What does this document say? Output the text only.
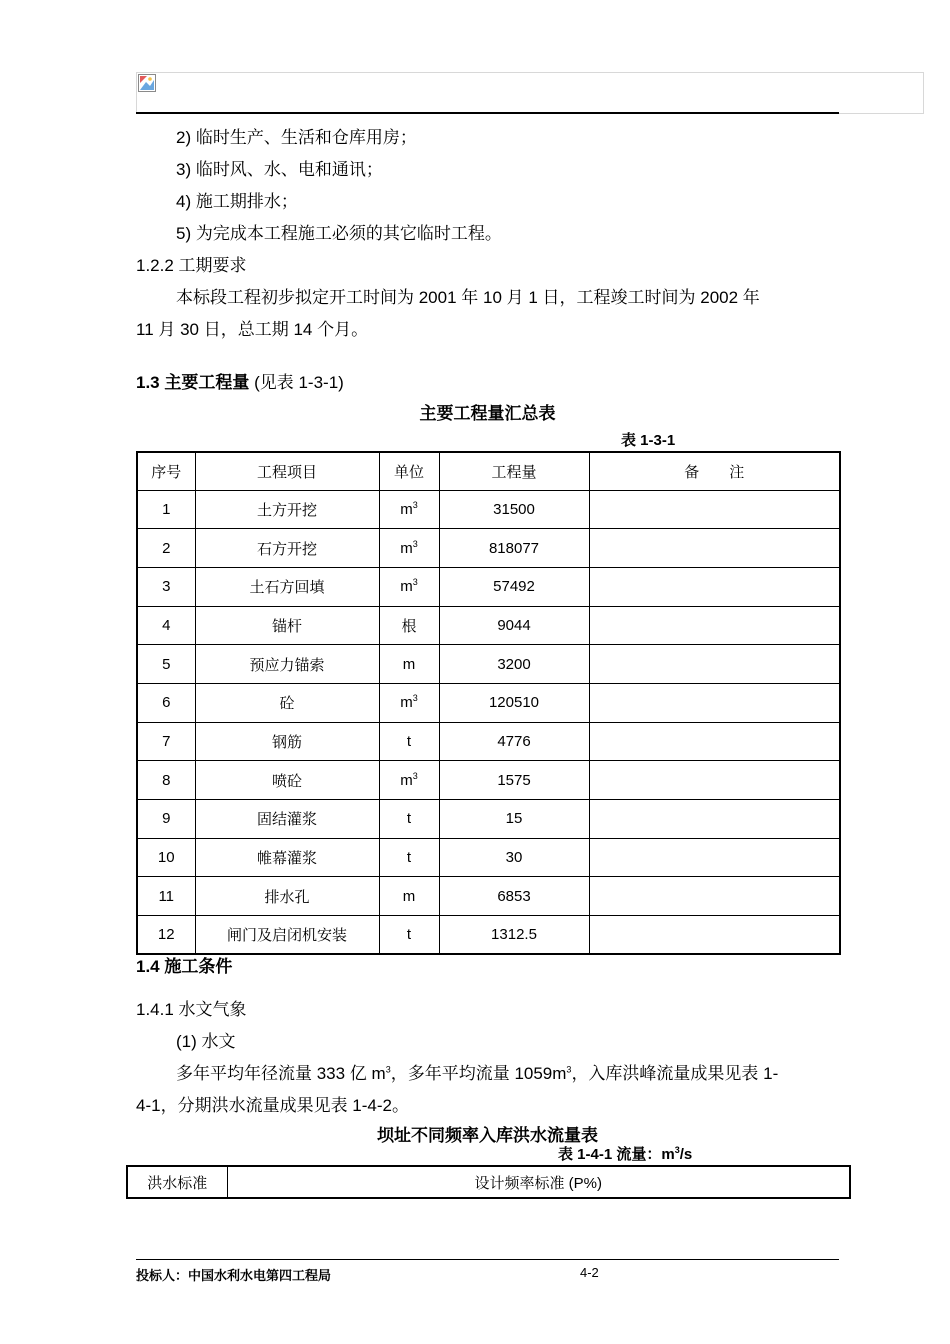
2) 临时生产、生活和仓库用房；
3) 临时风、水、电和通讯；
4) 施工期排水；
5) 为完成本工程施工必须的其它临时工程。
1.2.2 工期要求
本标段工程初步拟定开工时间为 2001 年 10 月 1 日，工程竣工时间为 2002 年
11 月 30 日，总工期 14 个月。
1.3 主要工程量 (见表 1-3-1)
主要工程量汇总表
表 1-3-1
序号	工程项目	单位	工程量	备　　注
1	土方开挖	$m^3$	31500	
2	石方开挖	$m^3$	818077	
3	土石方回填	$m^3$	57492	
4	锚杆	根	9044	
5	预应力锚索	m	3200	
6	砼	$m^3$	120510	
7	钢筋	t	4776	
8	喷砼	$m^3$	1575	
9	固结灌浆	t	15	
10	帷幕灌浆	t	30	
11	排水孔	m	6853	
12	闸门及启闭机安装	t	1312.5	
1.4 施工条件
1.4.1 水文气象
(1) 水文
多年平均年径流量 333 亿 $m^3$，多年平均流量 $1059m^3$，入库洪峰流量成果见表 1-
4-1，分期洪水流量成果见表 1-4-2。
坝址不同频率入库洪水流量表
表 1-4-1 流量：$m^3/s$
洪水标准	设计频率标准 (P%)
投标人：中国水利水电第四工程局	4-2
